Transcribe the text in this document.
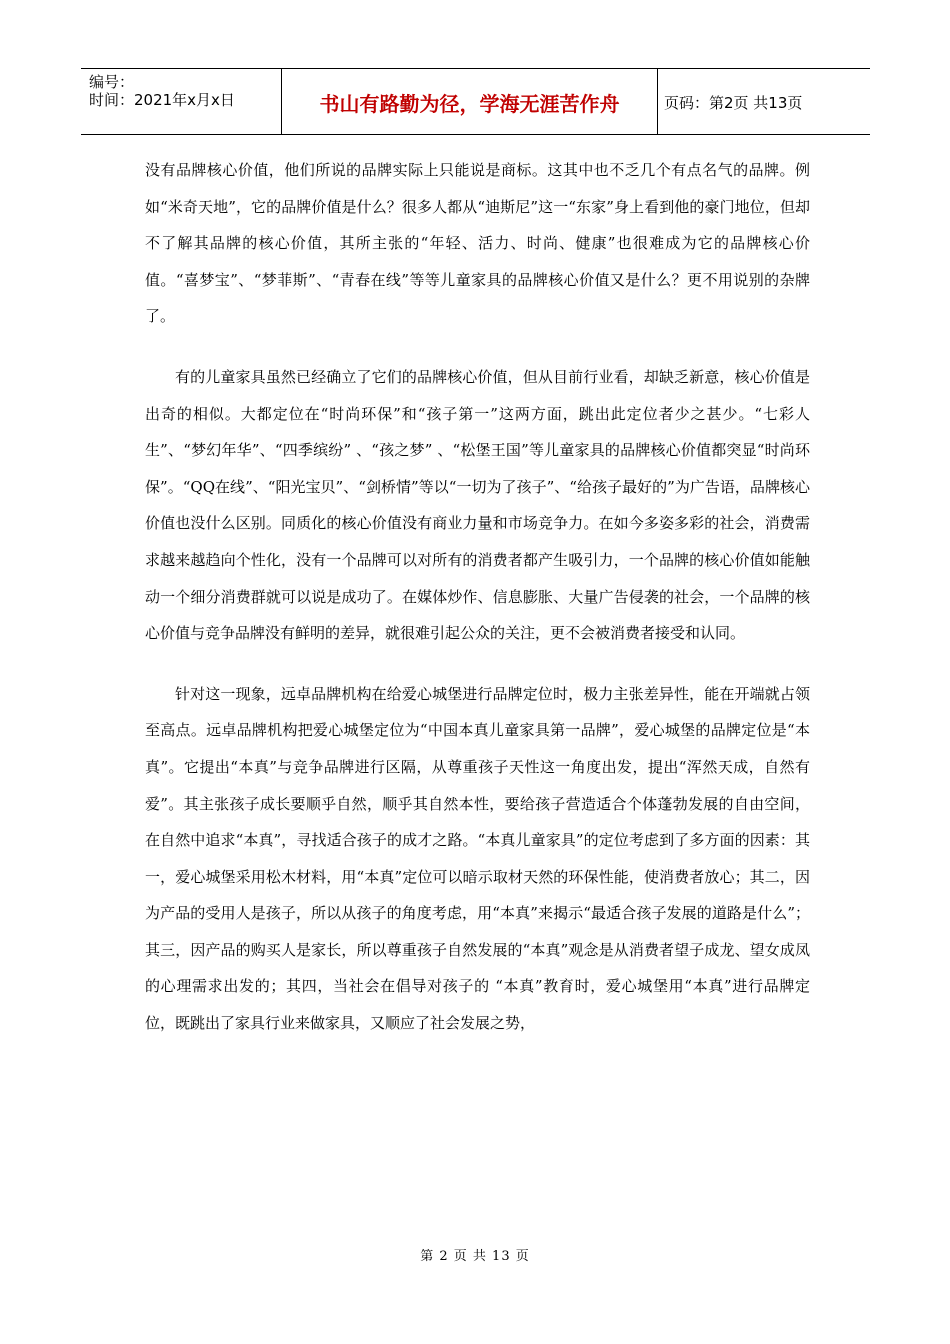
编号：
时间：2021年x月x日	书山有路勤为径，学海无涯苦作舟	页码：第2页 共13页

没有品牌核心价值，他们所说的品牌实际上只能说是商标。这其中也不乏几个有点名气的品牌。例如“米奇天地”，它的品牌价值是什么？很多人都从“迪斯尼”这一“东家”身上看到他的豪门地位，但却不了解其品牌的核心价值，其所主张的“年轻、活力、时尚、健康”也很难成为它的品牌核心价值。“喜梦宝”、“梦菲斯”、“青春在线”等等儿童家具的品牌核心价值又是什么？更不用说别的杂牌了。

有的儿童家具虽然已经确立了它们的品牌核心价值，但从目前行业看，却缺乏新意，核心价值是出奇的相似。大都定位在“时尚环保”和“孩子第一”这两方面，跳出此定位者少之甚少。“七彩人生”、“梦幻年华”、“四季缤纷” 、“孩之梦” 、“松堡王国”等儿童家具的品牌核心价值都突显“时尚环保”。“QQ在线”、“阳光宝贝”、“剑桥情”等以“一切为了孩子”、“给孩子最好的”为广告语，品牌核心价值也没什么区别。同质化的核心价值没有商业力量和市场竞争力。在如今多姿多彩的社会，消费需求越来越趋向个性化，没有一个品牌可以对所有的消费者都产生吸引力，一个品牌的核心价值如能触动一个细分消费群就可以说是成功了。在媒体炒作、信息膨胀、大量广告侵袭的社会，一个品牌的核心价值与竞争品牌没有鲜明的差异，就很难引起公众的关注，更不会被消费者接受和认同。

针对这一现象，远卓品牌机构在给爱心城堡进行品牌定位时，极力主张差异性，能在开端就占领至高点。远卓品牌机构把爱心城堡定位为“中国本真儿童家具第一品牌”，爱心城堡的品牌定位是“本真”。它提出“本真”与竞争品牌进行区隔，从尊重孩子天性这一角度出发，提出“浑然天成，自然有爱”。其主张孩子成长要顺乎自然，顺乎其自然本性，要给孩子营造适合个体蓬勃发展的自由空间，在自然中追求“本真”，寻找适合孩子的成才之路。“本真儿童家具”的定位考虑到了多方面的因素：其一，爱心城堡采用松木材料，用“本真”定位可以暗示取材天然的环保性能，使消费者放心；其二，因为产品的受用人是孩子，所以从孩子的角度考虑，用“本真”来揭示“最适合孩子发展的道路是什么”；其三，因产品的购买人是家长，所以尊重孩子自然发展的“本真”观念是从消费者望子成龙、望女成凤的心理需求出发的；其四，当社会在倡导对孩子的 “本真”教育时，爱心城堡用“本真”进行品牌定位，既跳出了家具行业来做家具，又顺应了社会发展之势，

第 2 页 共 13 页
